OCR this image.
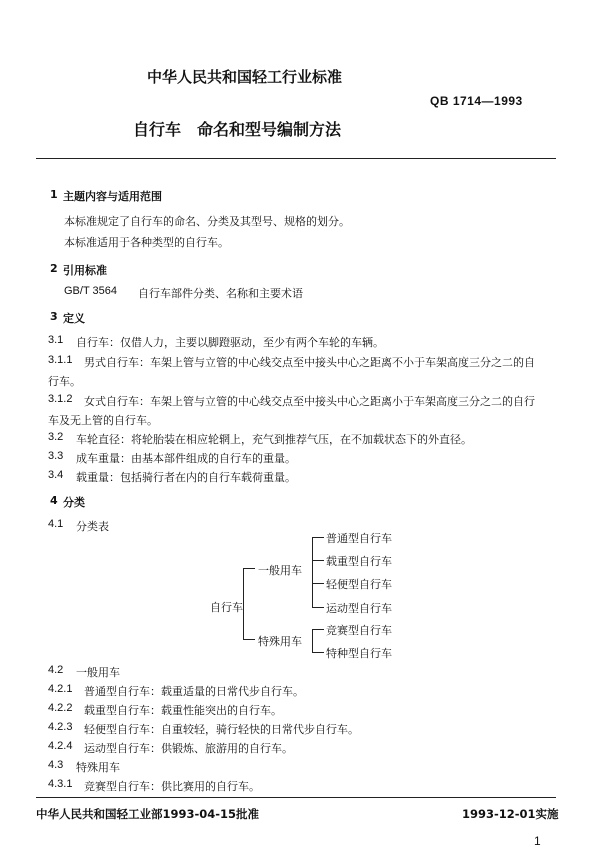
中华人民共和国轻工行业标准
QB 1714—1993
自行车　命名和型号编制方法
1 主题内容与适用范围
本标准规定了自行车的命名、分类及其型号、规格的划分。
本标准适用于各种类型的自行车。
2 引用标准
GB/T 3564 自行车部件分类、名称和主要术语
3 定义
3.1 自行车：仅借人力，主要以脚蹬驱动，至少有两个车轮的车辆。
3.1.1 男式自行车：车架上管与立管的中心线交点至中接头中心之距离不小于车架高度三分之二的自
行车。
3.1.2 女式自行车：车架上管与立管的中心线交点至中接头中心之距离小于车架高度三分之二的自行
车及无上管的自行车。
3.2 车轮直径：将轮胎装在相应轮辋上，充气到推荐气压，在不加载状态下的外直径。
3.3 成车重量：由基本部件组成的自行车的重量。
3.4 载重量：包括骑行者在内的自行车载荷重量。
4 分类
4.1 分类表
自行车
一般用车
特殊用车
普通型自行车
载重型自行车
轻便型自行车
运动型自行车
竞赛型自行车
特种型自行车
4.2 一般用车
4.2.1 普通型自行车：载重适量的日常代步自行车。
4.2.2 载重型自行车：载重性能突出的自行车。
4.2.3 轻便型自行车：自重较轻，骑行轻快的日常代步自行车。
4.2.4 运动型自行车：供锻炼、旅游用的自行车。
4.3 特殊用车
4.3.1 竞赛型自行车：供比赛用的自行车。
中华人民共和国轻工业部1993-04-15批准	1993-12-01实施
1
